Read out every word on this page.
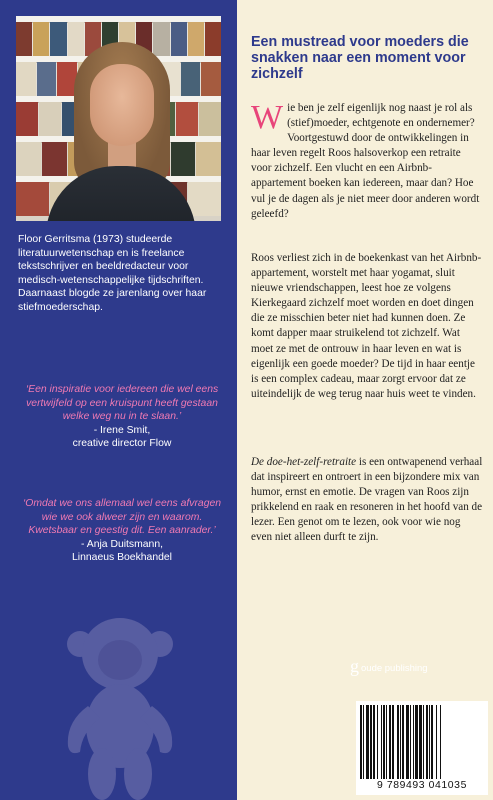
Floor Gerritsma (1973) studeerde literatuurwetenschap en is freelance tekstschrijver en beeldredacteur voor medisch-wetenschappelijke tijdschriften. Daarnaast blogde ze jarenlang over haar stiefmoederschap.

‘Een inspiratie voor iedereen die wel eens vertwijfeld op een kruispunt heeft gestaan welke weg nu in te slaan.’
- Irene Smit,
creative director Flow
‘Omdat we ons allemaal wel eens afvragen wie we ook alweer zijn en waarom. Kwetsbaar en geestig dit. Een aanrader.’
- Anja Duitsmann,
Linnaeus Boekhandel
Een mustread voor moeders die snakken naar een moment voor zichzelf

Wie ben je zelf eigenlijk nog naast je rol als (stief)moeder, echtgenote en ondernemer? Voortgestuwd door de ontwikkelingen in haar leven regelt Roos halsoverkop een retraite voor zichzelf. Een vlucht en een Airbnb-appartement boeken kan iedereen, maar dan? Hoe vul je de dagen als je niet meer door anderen wordt geleefd?

Roos verliest zich in de boekenkast van het Airbnb-appartement, worstelt met haar yogamat, sluit nieuwe vriendschappen, leest hoe ze volgens Kierkegaard zichzelf moet worden en doet dingen die ze misschien beter niet had kunnen doen. Ze komt dapper maar struikelend tot zichzelf. Wat moet ze met de ontrouw in haar leven en wat is eigenlijk een goede moeder? De tijd in haar eentje is een complex cadeau, maar zorgt ervoor dat ze uiteindelijk de weg terug naar huis weet te vinden.

De doe-het-zelf-retraite is een ontwapenend verhaal dat inspireert en ontroert in een bijzondere mix van humor, ernst en emotie. De vragen van Roos zijn prikkelend en raak en resoneren in het hoofd van de lezer. Een genot om te lezen, ook voor wie nog even niet alleen durft te zijn.

g oude publishing
9 789493 041035
